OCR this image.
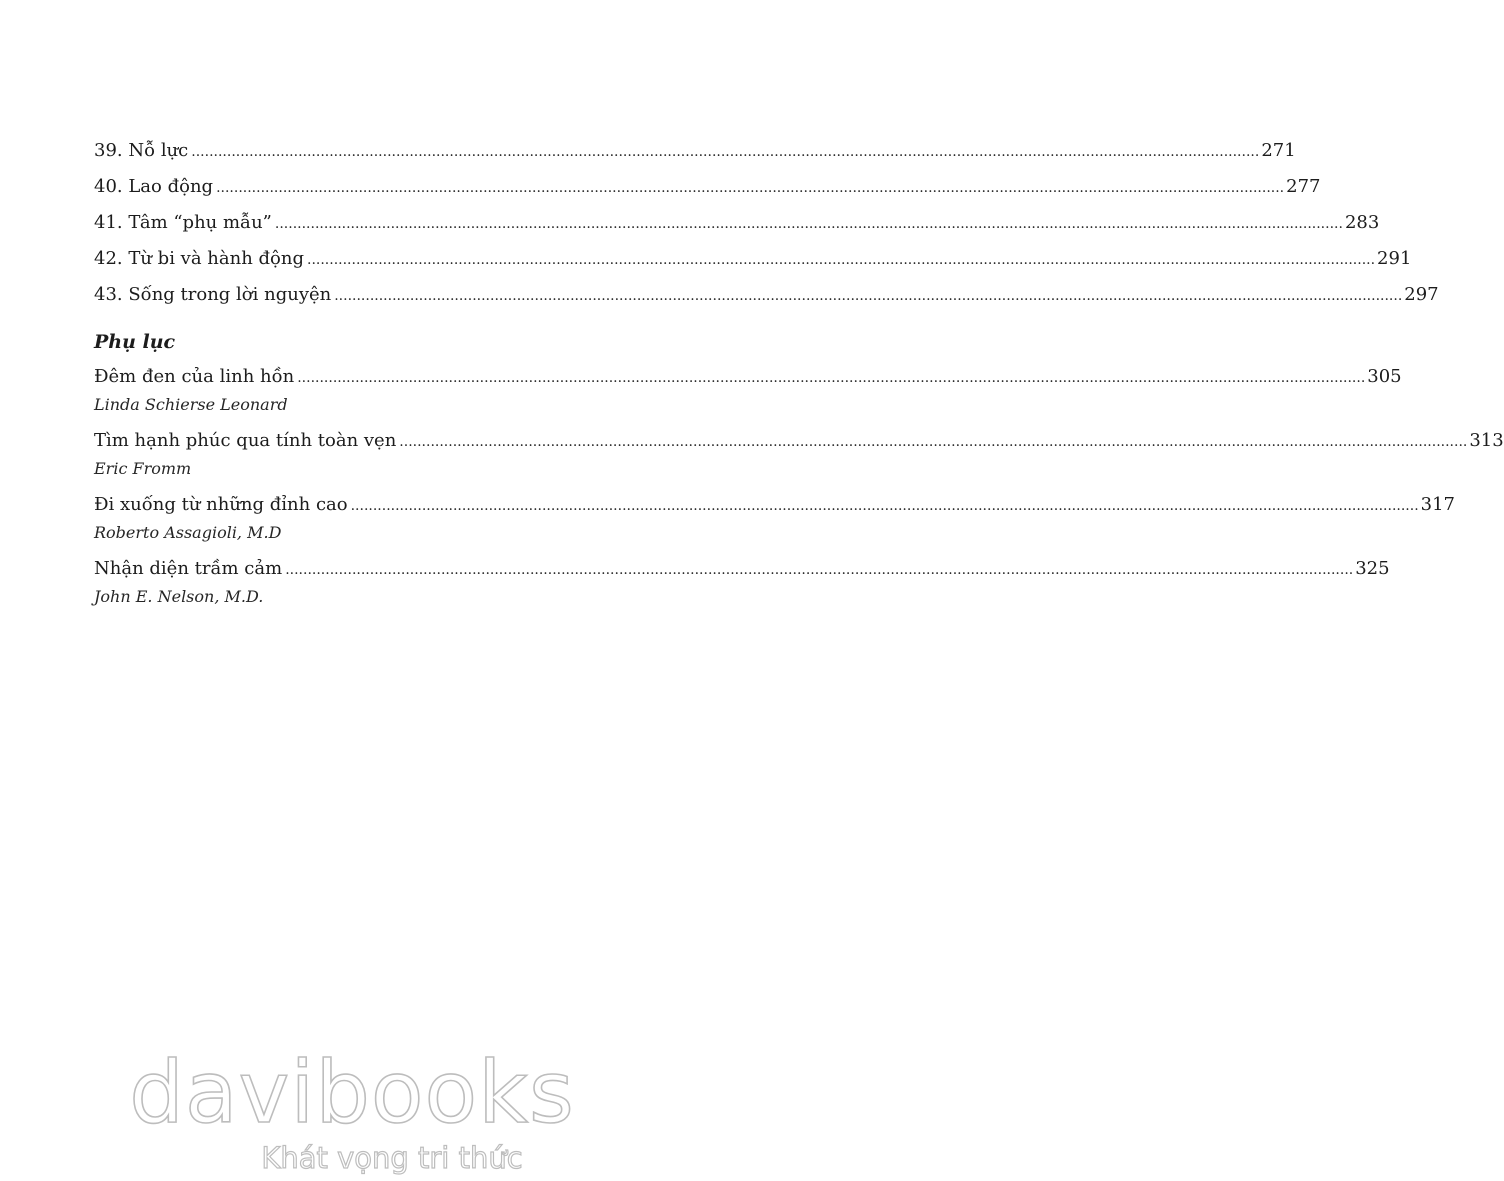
39. Nỗ lực .....	271
40. Lao động .....	277
41. Tâm “phụ mẫu” .....	283
42. Từ bi và hành động .....	291
43. Sống trong lời nguyện .....	297
Phụ lục
Đêm đen của linh hồn .....	305
Linda Schierse Leonard
Tìm hạnh phúc qua tính toàn vẹn .....	313
Eric Fromm
Đi xuống từ những đỉnh cao .....	317
Roberto Assagioli, M.D
Nhận diện trầm cảm .....	325
John E. Nelson, M.D.
davibooks
Khát vọng tri thức
